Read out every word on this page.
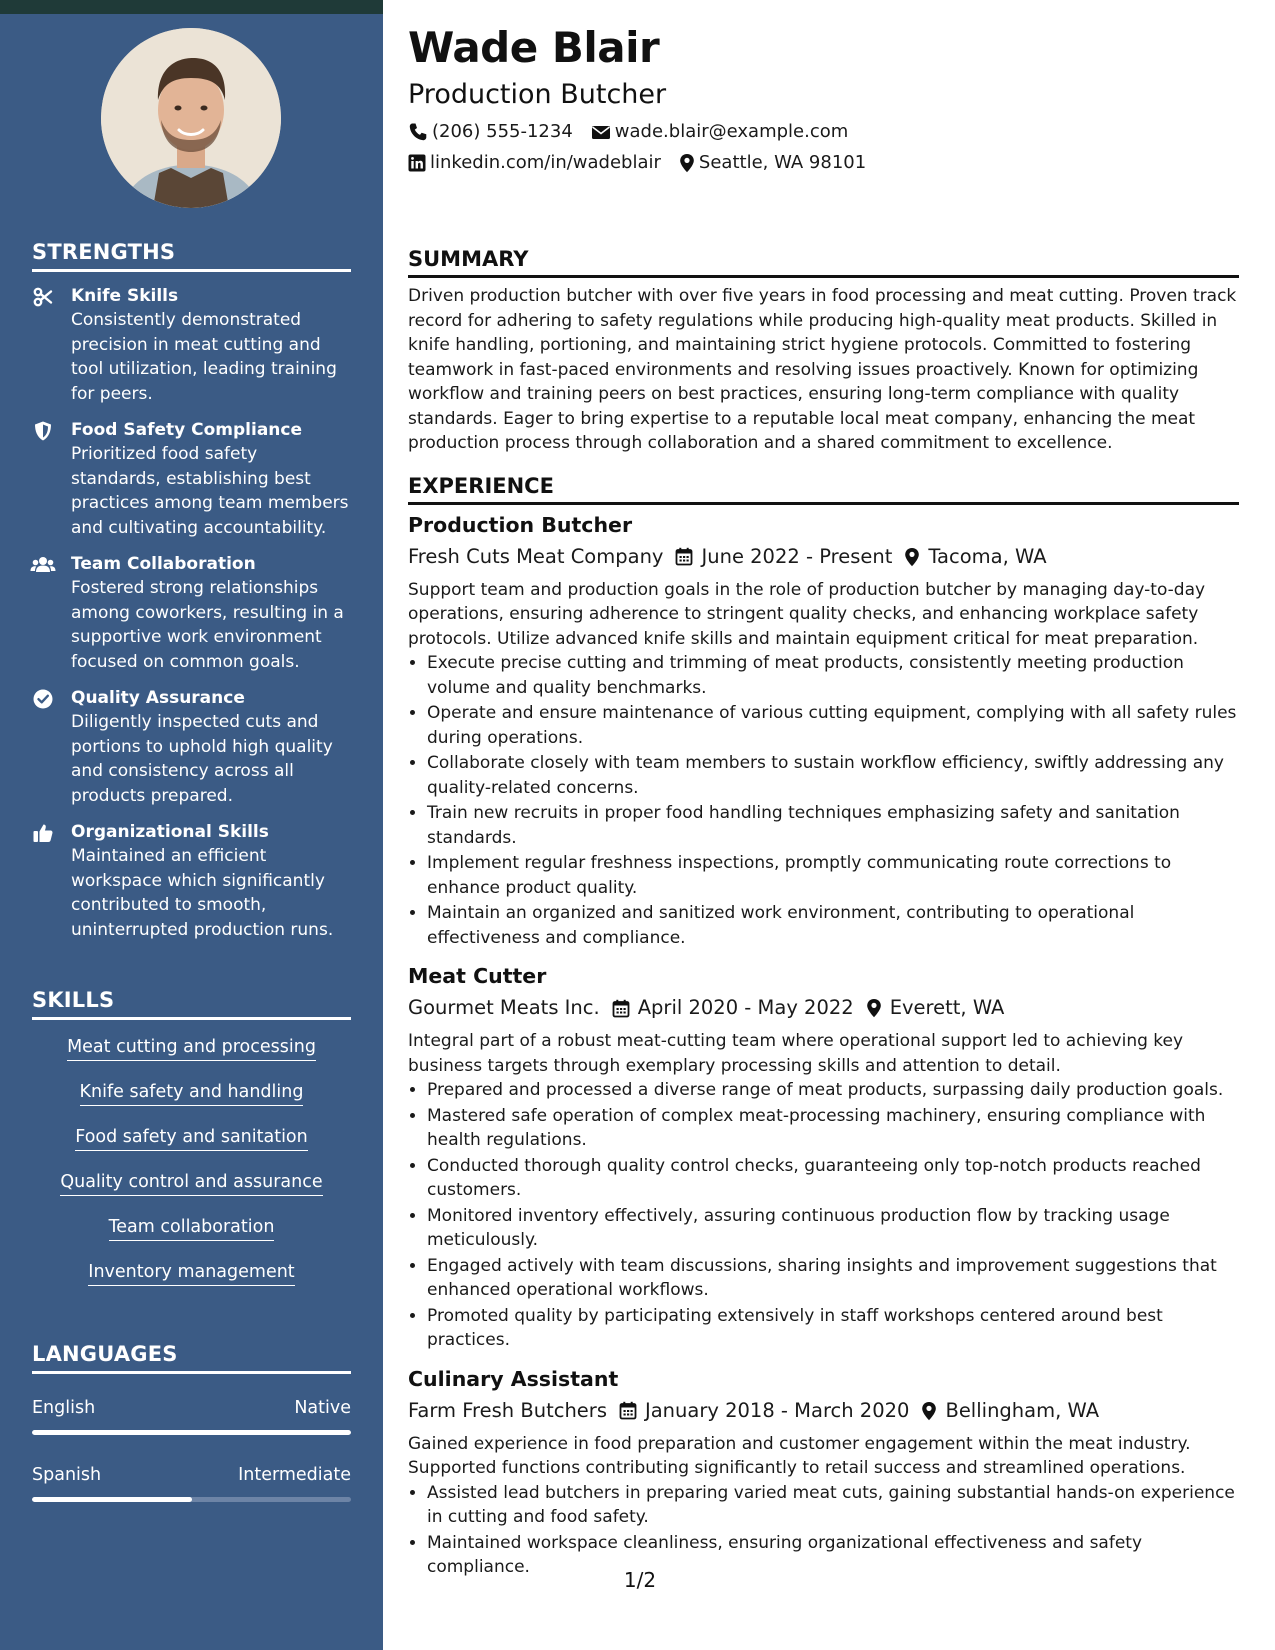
STRENGTHS
Knife Skills
Consistently demonstrated precision in meat cutting and tool utilization, leading training for peers.
Food Safety Compliance
Prioritized food safety standards, establishing best practices among team members and cultivating accountability.
Team Collaboration
Fostered strong relationships among coworkers, resulting in a supportive work environment focused on common goals.
Quality Assurance
Diligently inspected cuts and portions to uphold high quality and consistency across all products prepared.
Organizational Skills
Maintained an efficient workspace which significantly contributed to smooth, uninterrupted production runs.
SKILLS
Meat cutting and processing
Knife safety and handling
Food safety and sanitation
Quality control and assurance
Team collaboration
Inventory management
LANGUAGES
English	Native
Spanish	Intermediate
Wade Blair
Production Butcher
(206) 555-1234 wade.blair@example.com
linkedin.com/in/wadeblair Seattle, WA 98101
SUMMARY

Driven production butcher with over five years in food processing and meat cutting. Proven track record for adhering to safety regulations while producing high-quality meat products. Skilled in knife handling, portioning, and maintaining strict hygiene protocols. Committed to fostering teamwork in fast-paced environments and resolving issues proactively. Known for optimizing workflow and training peers on best practices, ensuring long-term compliance with quality standards. Eager to bring expertise to a reputable local meat company, enhancing the meat production process through collaboration and a shared commitment to excellence.

EXPERIENCE
Production Butcher
Fresh Cuts Meat Company June 2022 - Present Tacoma, WA

Support team and production goals in the role of production butcher by managing day-to-day operations, ensuring adherence to stringent quality checks, and enhancing workplace safety protocols. Utilize advanced knife skills and maintain equipment critical for meat preparation.

• Execute precise cutting and trimming of meat products, consistently meeting production volume and quality benchmarks.
• Operate and ensure maintenance of various cutting equipment, complying with all safety rules during operations.
• Collaborate closely with team members to sustain workflow efficiency, swiftly addressing any quality-related concerns.
• Train new recruits in proper food handling techniques emphasizing safety and sanitation standards.
• Implement regular freshness inspections, promptly communicating route corrections to enhance product quality.
• Maintain an organized and sanitized work environment, contributing to operational effectiveness and compliance.
Meat Cutter
Gourmet Meats Inc. April 2020 - May 2022 Everett, WA

Integral part of a robust meat-cutting team where operational support led to achieving key business targets through exemplary processing skills and attention to detail.

• Prepared and processed a diverse range of meat products, surpassing daily production goals.
• Mastered safe operation of complex meat-processing machinery, ensuring compliance with health regulations.
• Conducted thorough quality control checks, guaranteeing only top-notch products reached customers.
• Monitored inventory effectively, assuring continuous production flow by tracking usage meticulously.
• Engaged actively with team discussions, sharing insights and improvement suggestions that enhanced operational workflows.
• Promoted quality by participating extensively in staff workshops centered around best practices.
Culinary Assistant
Farm Fresh Butchers January 2018 - March 2020 Bellingham, WA

Gained experience in food preparation and customer engagement within the meat industry. Supported functions contributing significantly to retail success and streamlined operations.

• Assisted lead butchers in preparing varied meat cuts, gaining substantial hands-on experience in cutting and food safety.
• Maintained workspace cleanliness, ensuring organizational effectiveness and safety compliance.
1/2
